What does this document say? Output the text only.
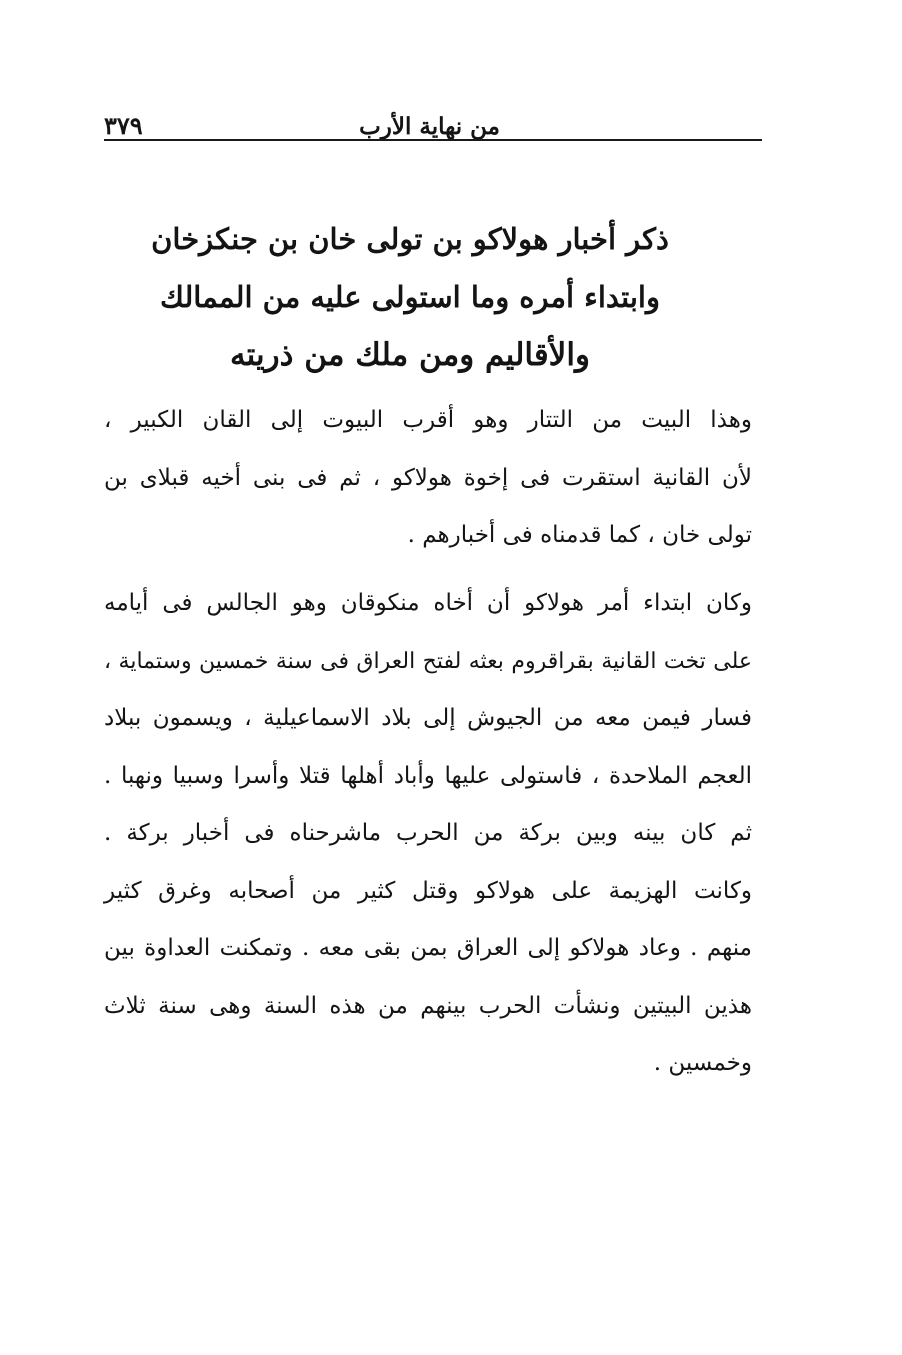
من نهاية الأرب
٣٧٩
ذكر أخبار هولاكو بن تولى خان بن جنكزخان
وابتداء أمره وما استولى عليه من الممالك
والأقاليم ومن ملك من ذريته
وهذا البيت من التتار وهو أقرب البيوت إلى القان الكبير ،
لأن القانية استقرت فى إخوة هولاكو ، ثم فى بنى أخيه قبلاى بن
تولى خان ، كما قدمناه فى أخبارهم .
وكان ابتداء أمر هولاكو أن أخاه منكوقان وهو الجالس فى أيامه
على تخت القانية بقراقروم بعثه لفتح العراق فى سنة خمسين وستماية ،
فسار فيمن معه من الجيوش إلى بلاد الاسماعيلية ، ويسمون ببلاد
العجم الملاحدة ، فاستولى عليها وأباد أهلها قتلا وأسرا وسبيا ونهبا .
ثم كان بينه وبين بركة من الحرب ماشرحناه فى أخبار بركة .
وكانت الهزيمة على هولاكو وقتل كثير من أصحابه وغرق كثير
منهم . وعاد هولاكو إلى العراق بمن بقى معه . وتمكنت العداوة بين
هذين البيتين ونشأت الحرب بينهم من هذه السنة وهى سنة ثلاث
وخمسين .
